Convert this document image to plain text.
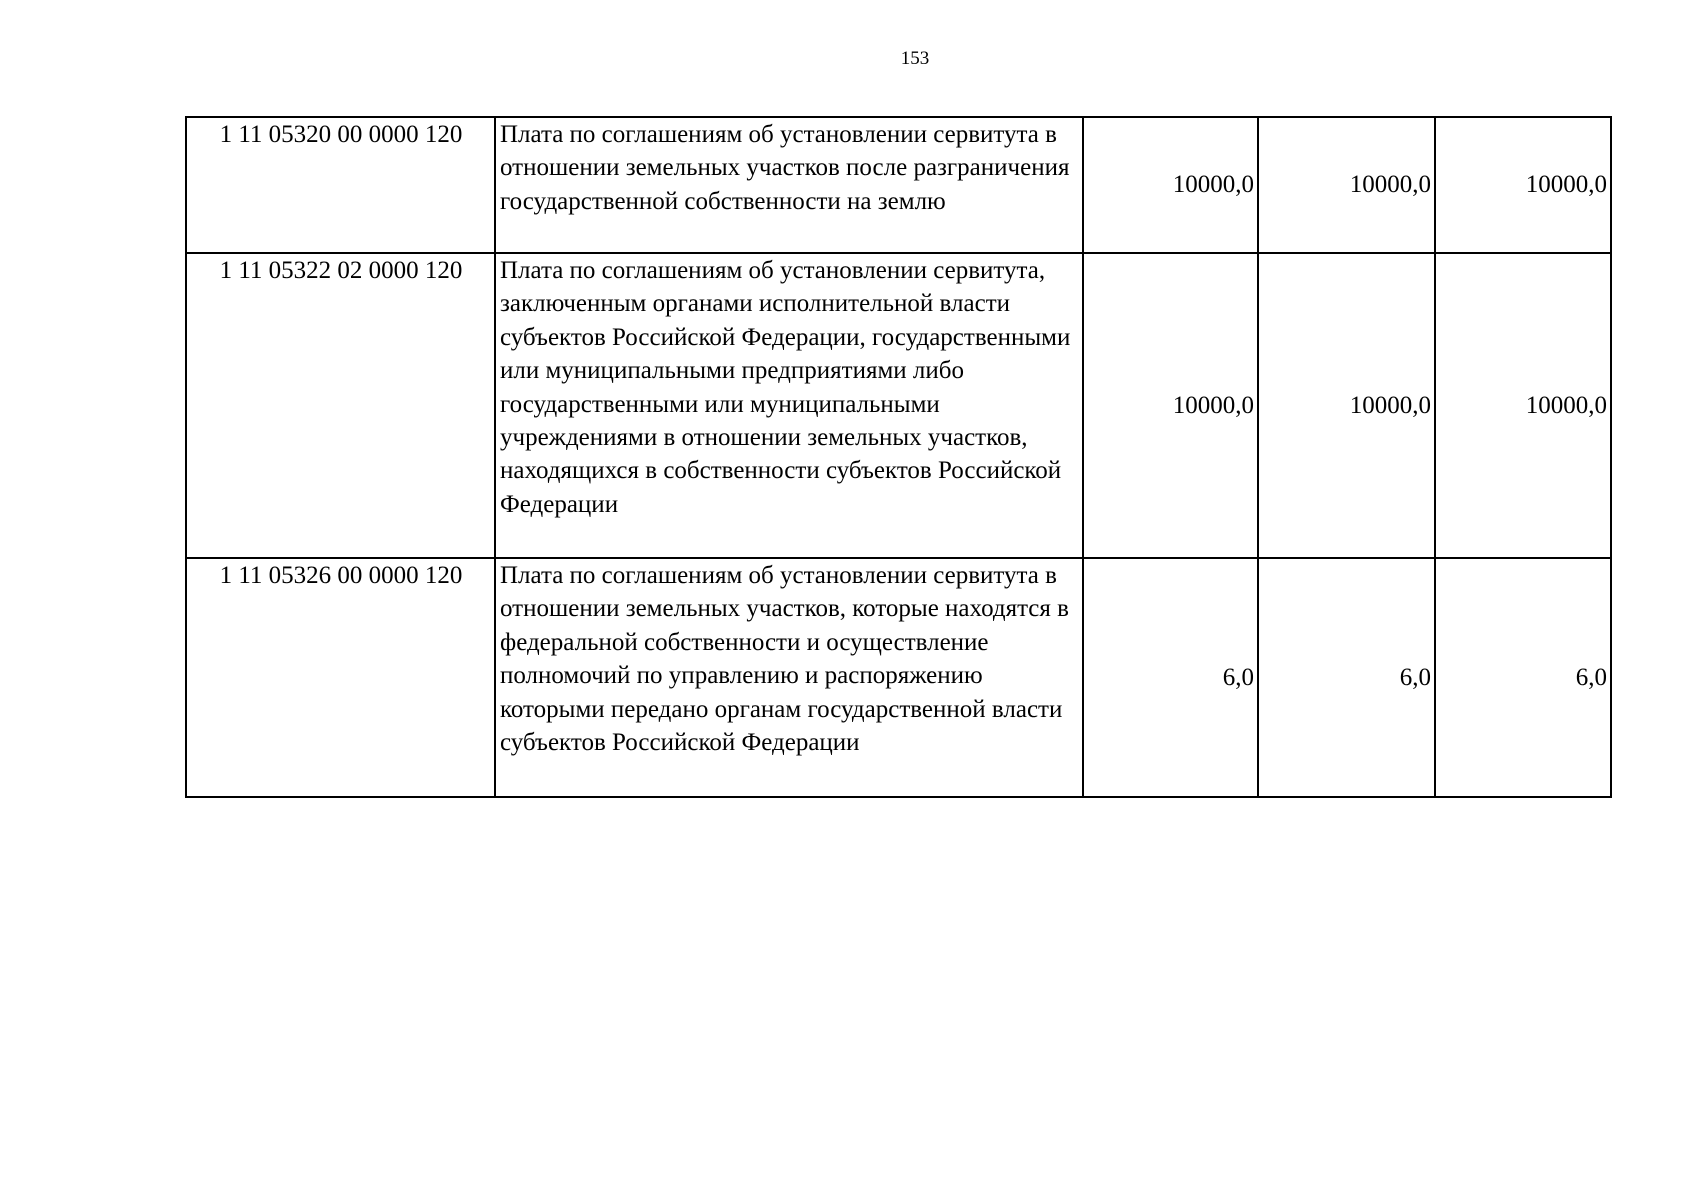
153
1 11 05320 00 0000 120	Плата по соглашениям об установлении сервитута в отношении земельных участков после разграничения государственной собственности на землю	10000,0	10000,0	10000,0
1 11 05322 02 0000 120	Плата по соглашениям об установлении сервитута, заключенным органами исполнительной власти субъектов Российской Федерации, государственными или муниципальными предприятиями либо государственными или муниципальными учреждениями в отношении земельных участков, находящихся в собственности субъектов Российской Федерации	10000,0	10000,0	10000,0
1 11 05326 00 0000 120	Плата по соглашениям об установлении сервитута в отношении земельных участков, которые находятся в федеральной собственности и осуществление полномочий по управлению и распоряжению которыми передано органам государственной власти субъектов Российской Федерации	6,0	6,0	6,0
